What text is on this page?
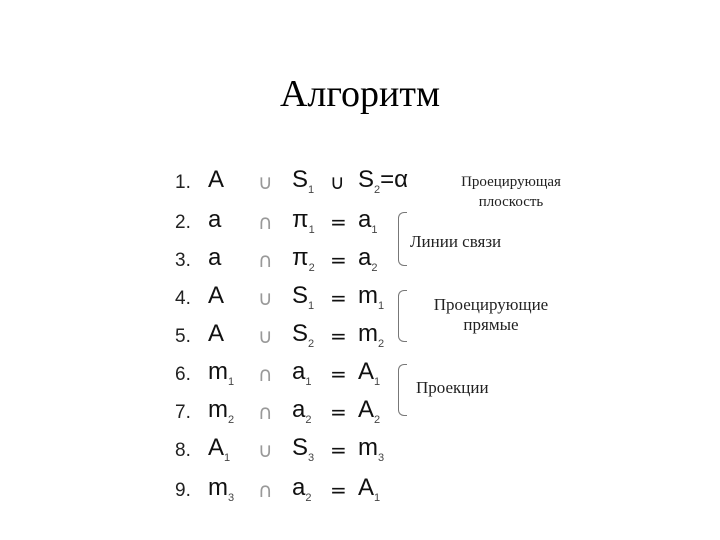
Алгоритм
1. A ∪ $S_1$ ∪ $S_2=\alpha$
2. a ∩ $\pi_1 = a_1$
3. a ∩ $\pi_2 = a_2$
4. A ∪ $S_1 = m_1$
5. A ∪ $S_2 = m_2$
6. $m_1$ ∩ $a_1 = A_1$
7. $m_2$ ∩ $a_2 = A_2$
8. $A_1$ ∪ $S_3 = m_3$
9. $m_3$ ∩ $a_2 = A_1$
Проецирующая плоскость
Линии связи
Проецирующие прямые
Проекции
